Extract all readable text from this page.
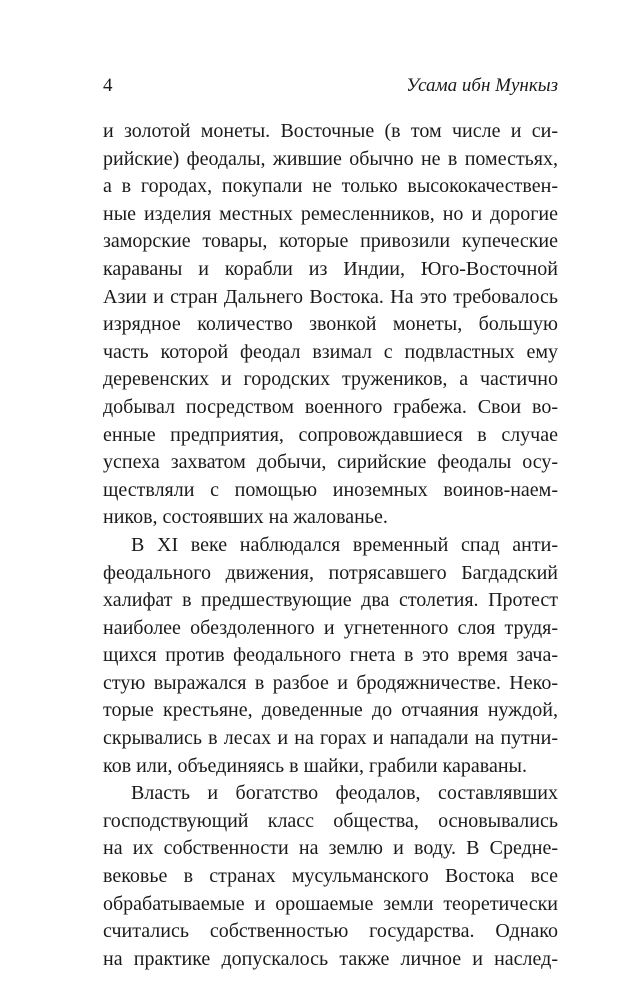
4	Усама ибн Мункыз
и золотой монеты. Восточные (в том числе и си-
рийские) феодалы, жившие обычно не в поместьях,
а в городах, покупали не только высококачествен-
ные изделия местных ремесленников, но и дорогие
заморские товары, которые привозили купеческие
караваны и корабли из Индии, Юго-Восточной
Азии и стран Дальнего Востока. На это требовалось
изрядное количество звонкой монеты, большую
часть которой феодал взимал с подвластных ему
деревенских и городских тружеников, а частично
добывал посредством военного грабежа. Свои во-
енные предприятия, сопровождавшиеся в случае
успеха захватом добычи, сирийские феодалы осу-
ществляли с помощью иноземных воинов-наем-
ников, состоявших на жалованье.
В XI веке наблюдался временный спад анти-
феодального движения, потрясавшего Багдадский
халифат в предшествующие два столетия. Протест
наиболее обездоленного и угнетенного слоя трудя-
щихся против феодального гнета в это время зача-
стую выражался в разбое и бродяжничестве. Неко-
торые крестьяне, доведенные до отчаяния нуждой,
скрывались в лесах и на горах и нападали на путни-
ков или, объединяясь в шайки, грабили караваны.
Власть и богатство феодалов, составлявших
господствующий класс общества, основывались
на их собственности на землю и воду. В Средне-
вековье в странах мусульманского Востока все
обрабатываемые и орошаемые земли теоретически
считались собственностью государства. Однако
на практике допускалось также личное и наслед-
